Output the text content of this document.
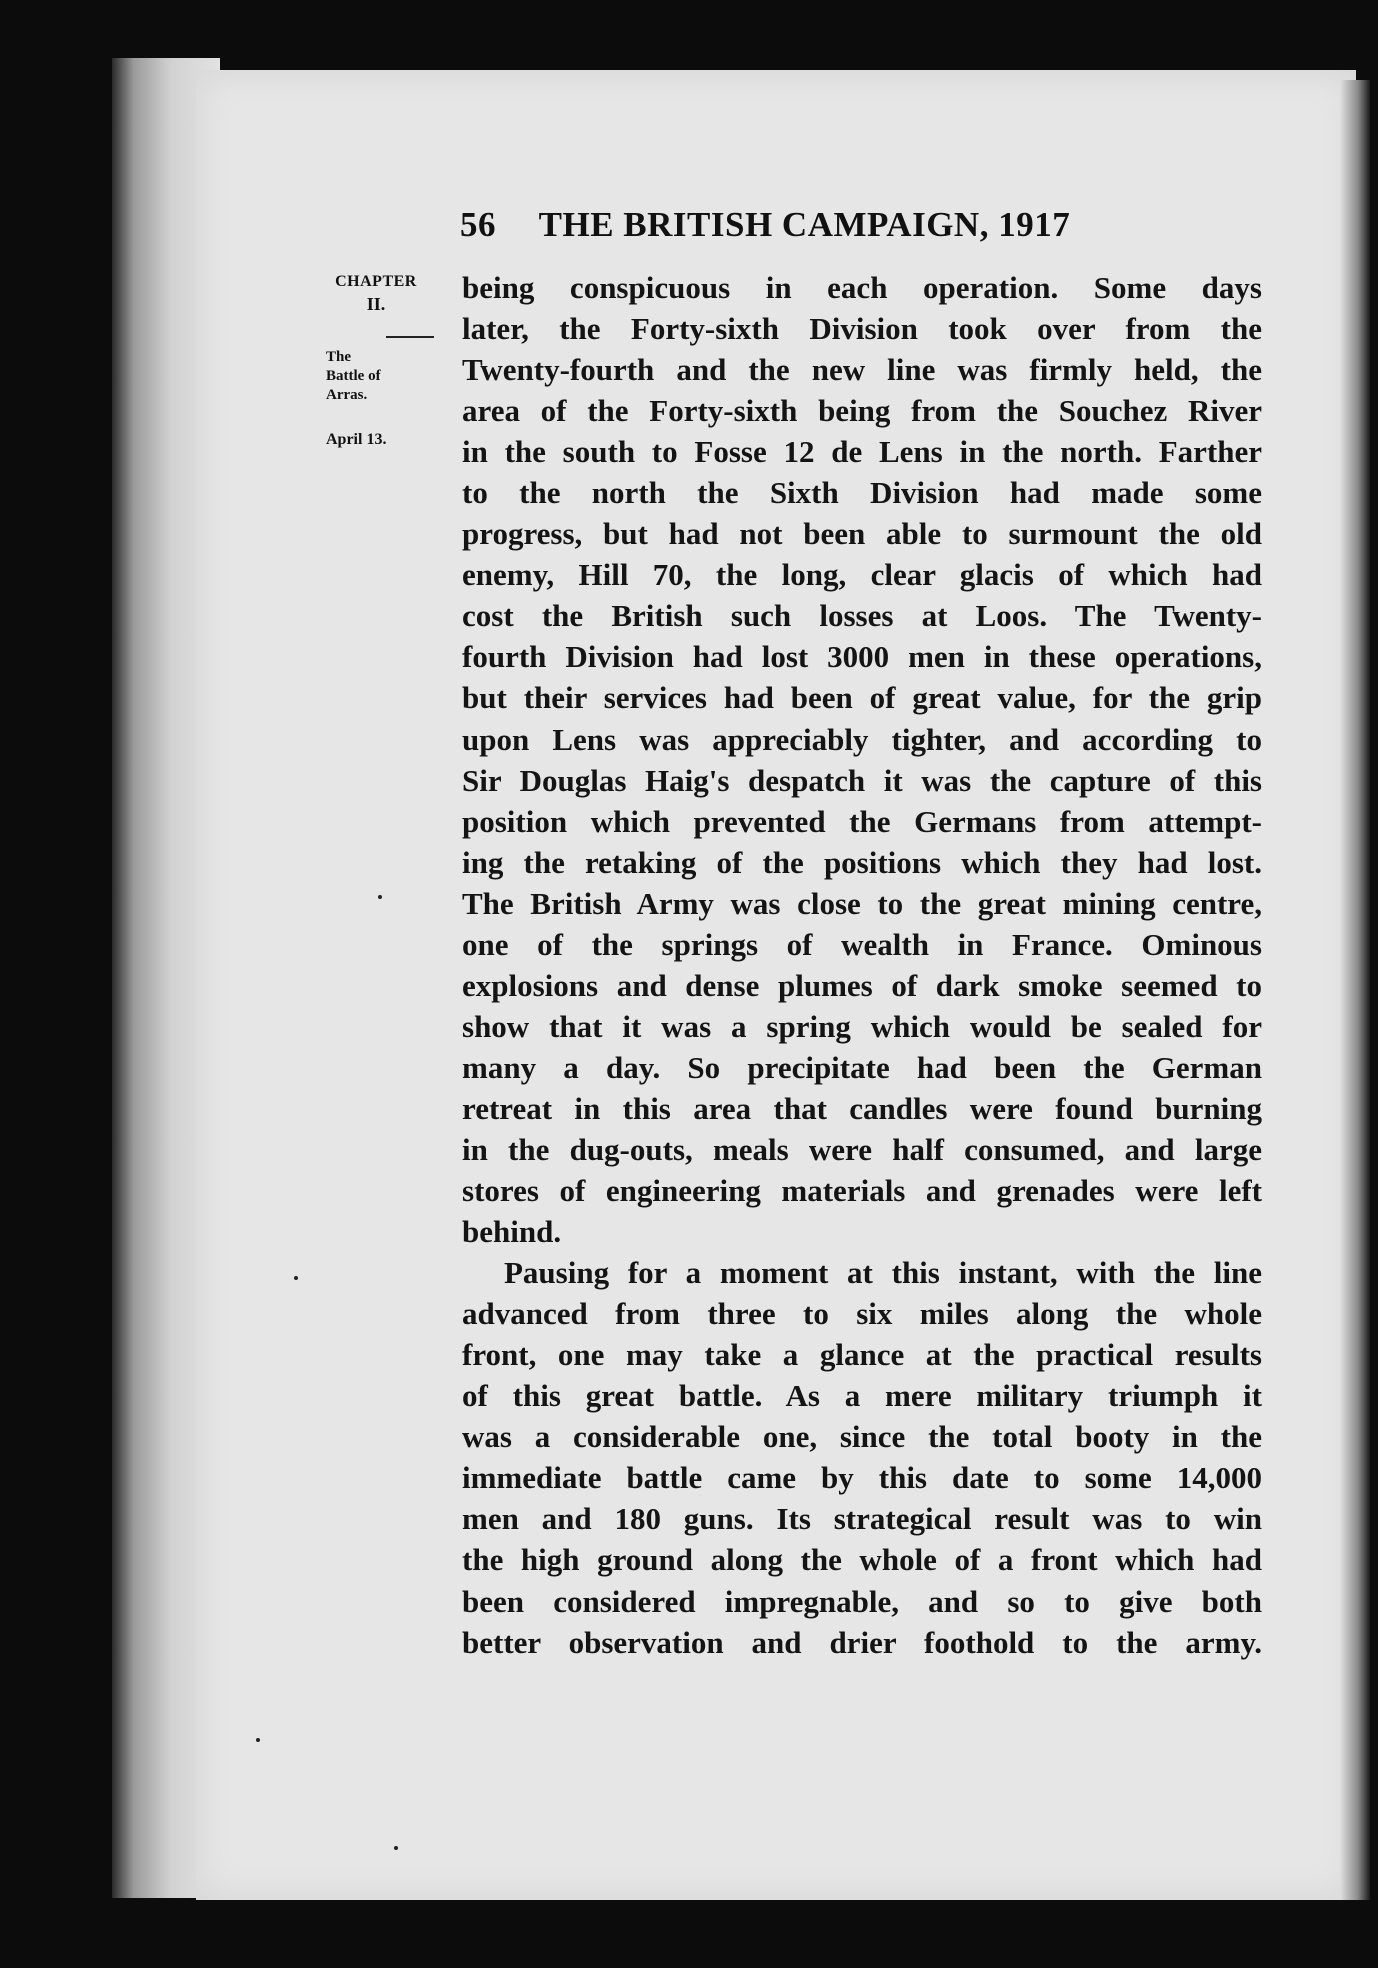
56 THE BRITISH CAMPAIGN, 1917
CHAPTER
II.
The
Battle of
Arras.
April 13.
being conspicuous in each operation. Some days
later, the Forty-sixth Division took over from the
Twenty-fourth and the new line was firmly held, the
area of the Forty-sixth being from the Souchez River
in the south to Fosse 12 de Lens in the north. Farther
to the north the Sixth Division had made some
progress, but had not been able to surmount the old
enemy, Hill 70, the long, clear glacis of which had
cost the British such losses at Loos. The Twenty-
fourth Division had lost 3000 men in these operations,
but their services had been of great value, for the grip
upon Lens was appreciably tighter, and according to
Sir Douglas Haig's despatch it was the capture of this
position which prevented the Germans from attempt-
ing the retaking of the positions which they had lost.
The British Army was close to the great mining centre,
one of the springs of wealth in France. Ominous
explosions and dense plumes of dark smoke seemed to
show that it was a spring which would be sealed for
many a day. So precipitate had been the German
retreat in this area that candles were found burning
in the dug-outs, meals were half consumed, and large
stores of engineering materials and grenades were left
behind.
Pausing for a moment at this instant, with the line
advanced from three to six miles along the whole
front, one may take a glance at the practical results
of this great battle. As a mere military triumph it
was a considerable one, since the total booty in the
immediate battle came by this date to some 14,000
men and 180 guns. Its strategical result was to win
the high ground along the whole of a front which had
been considered impregnable, and so to give both
better observation and drier foothold to the army.
